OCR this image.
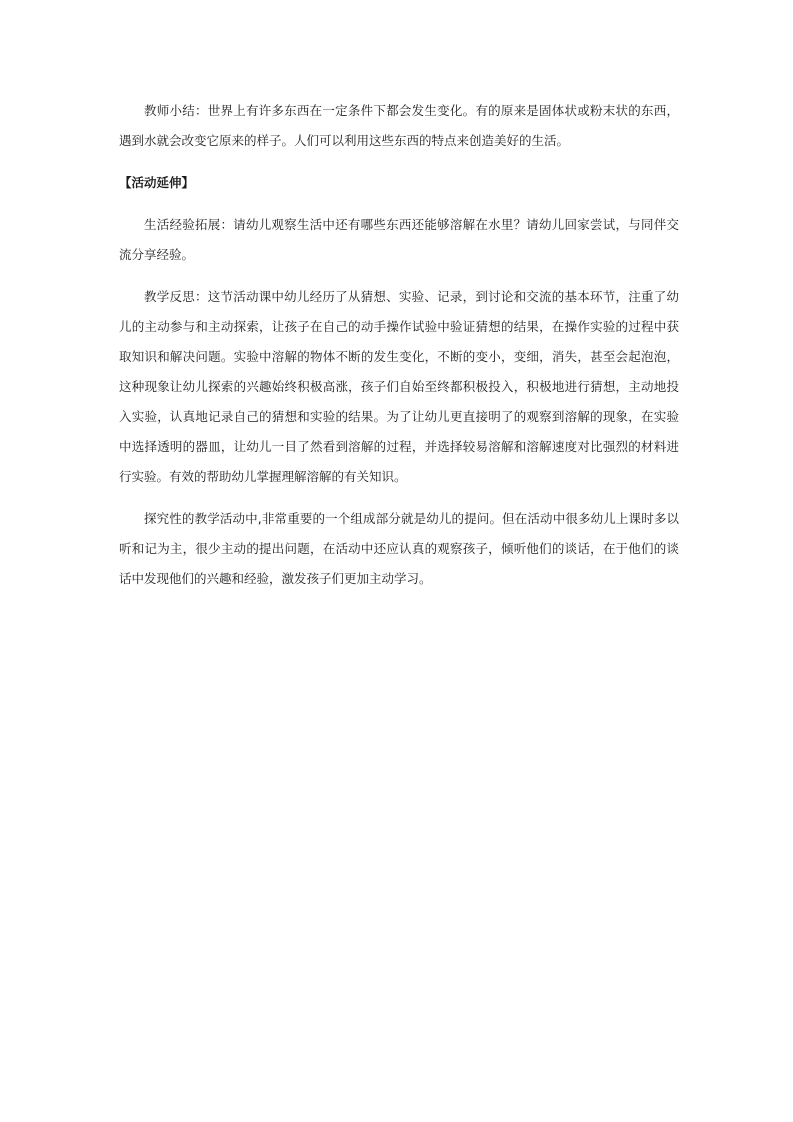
教师小结：世界上有许多东西在一定条件下都会发生变化。有的原来是固体状或粉末状的东西，遇到水就会改变它原来的样子。人们可以利用这些东西的特点来创造美好的生活。

【活动延伸】

生活经验拓展：请幼儿观察生活中还有哪些东西还能够溶解在水里？请幼儿回家尝试，与同伴交流分享经验。

教学反思：这节活动课中幼儿经历了从猜想、实验、记录，到讨论和交流的基本环节，注重了幼儿的主动参与和主动探索，让孩子在自己的动手操作试验中验证猜想的结果，在操作实验的过程中获取知识和解决问题。实验中溶解的物体不断的发生变化，不断的变小，变细，消失，甚至会起泡泡，这种现象让幼儿探索的兴趣始终积极高涨，孩子们自始至终都积极投入，积极地进行猜想，主动地投入实验，认真地记录自己的猜想和实验的结果。为了让幼儿更直接明了的观察到溶解的现象，在实验中选择透明的器皿，让幼儿一目了然看到溶解的过程，并选择较易溶解和溶解速度对比强烈的材料进行实验。有效的帮助幼儿掌握理解溶解的有关知识。

探究性的教学活动中,非常重要的一个组成部分就是幼儿的提问。但在活动中很多幼儿上课时多以听和记为主，很少主动的提出问题，在活动中还应认真的观察孩子，倾听他们的谈话，在于他们的谈话中发现他们的兴趣和经验，激发孩子们更加主动学习。
